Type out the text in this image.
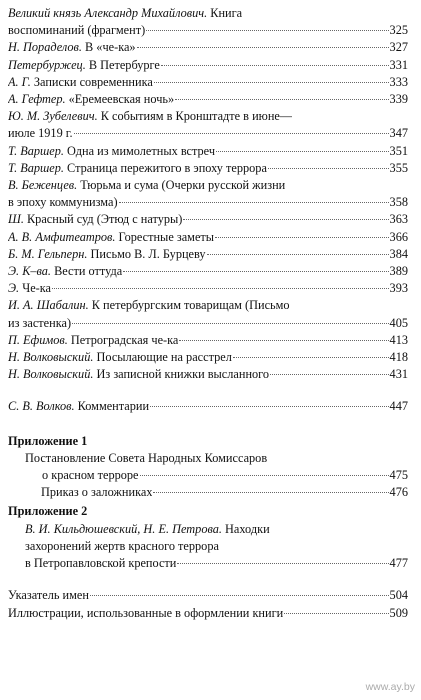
Великий князь Александр Михайлович. Книга
воспоминаний (фрагмент)	325
Н. Пораделов. В «че-ка»	327
Петербуржец. В Петербурге	331
А. Г. Записки современника	333
А. Гефтер. «Еремеевская ночь»	339
Ю. М. Зубелевич. К событиям в Кронштадте в июне—
июле 1919 г.	347
Т. Варшер. Одна из мимолетных встреч	351
Т. Варшер. Страница пережитого в эпоху террора	355
В. Беженцев. Тюрьма и сума (Очерки русской жизни
в эпоху коммунизма)	358
Ш. Красный суд (Этюд с натуры)	363
А. В. Амфитеатров. Горестные заметы	366
Б. М. Гельперн. Письмо В. Л. Бурцеву	384
Э. К–ва. Вести оттуда	389
Э. Че-ка	393
И. А. Шабалин. К петербургским товарищам (Письмо
из застенка)	405
П. Ефимов. Петроградская че-ка	413
Н. Волковыский. Посылающие на расстрел	418
Н. Волковыский. Из записной книжки высланного	431
С. В. Волков. Комментарии	447
Приложение 1
Постановление Совета Народных Комиссаров
о красном терроре	475
Приказ о заложниках	476
Приложение 2
В. И. Кильдюшевский, Н. Е. Петрова. Находки
захоронений жертв красного террора
в Петропавловской крепости	477
Указатель имен	504
Иллюстрации, использованные в оформлении книги	509
www.ay.by
